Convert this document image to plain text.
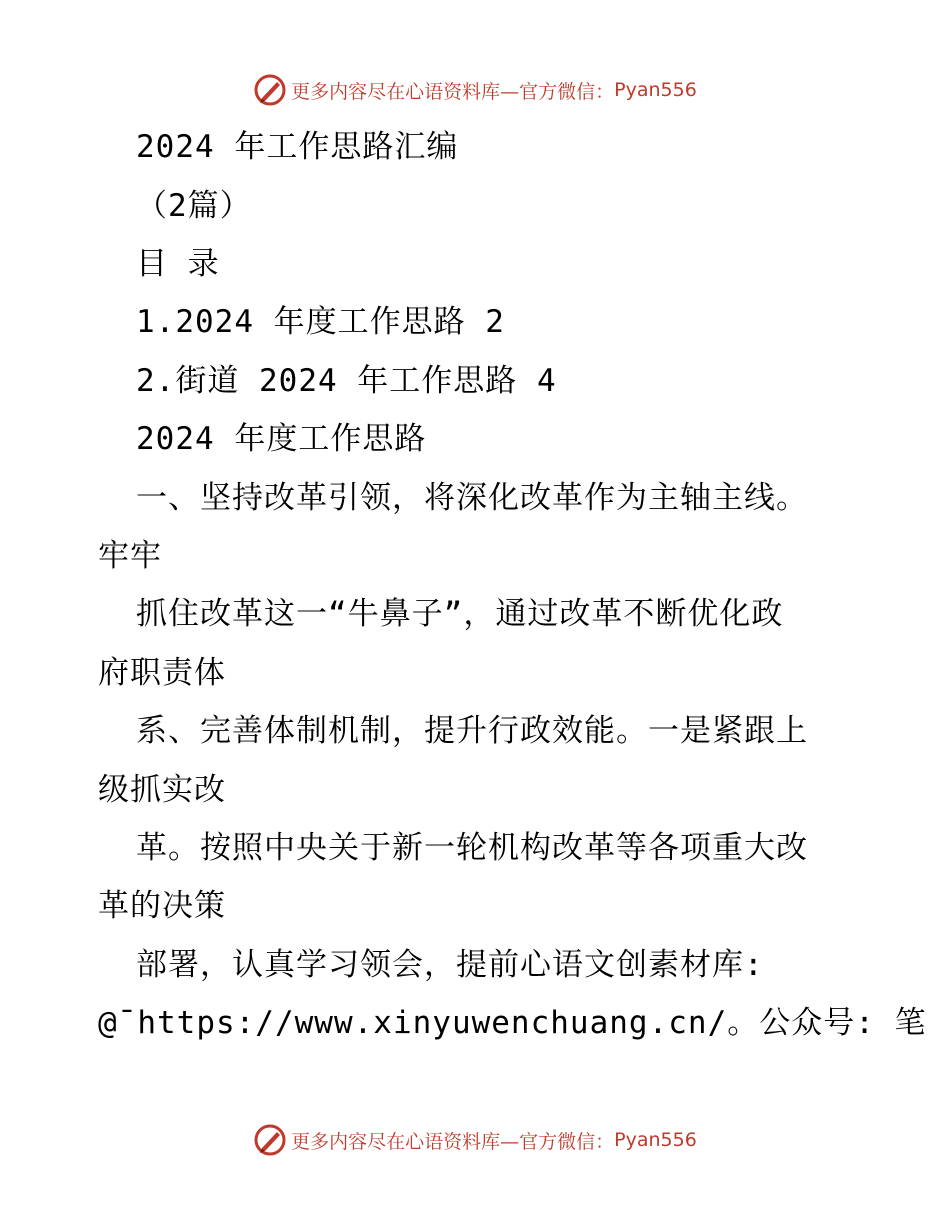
更多内容尽在心语资料库—官方微信： Pyan556
2024 年工作思路汇编
（2篇）
目 录
1.2024 年度工作思路 2
2.街道 2024 年工作思路 4
2024 年度工作思路
一、坚持改革引领，将深化改革作为主轴主线。
牢牢
抓住改革这一“牛鼻子”，通过改革不断优化政
府职责体
系、完善体制机制，提升行政效能。一是紧跟上
级抓实改
革。按照中央关于新一轮机构改革等各项重大改
革的决策
部署，认真学习领会，提前心语文创素材库:
@¯https://www.xinyuwenchuang.cn/。公众号: 笔
更多内容尽在心语资料库—官方微信： Pyan556
